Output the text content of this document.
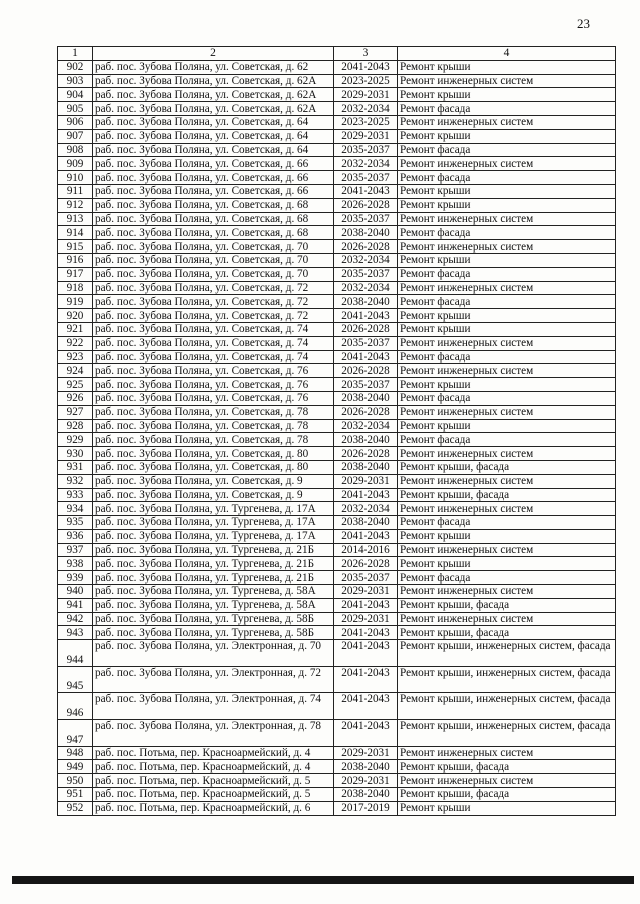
23
1	2	3	4
902	раб. пос. Зубова Поляна, ул. Советская, д. 62	2041-2043	Ремонт крыши
903	раб. пос. Зубова Поляна, ул. Советская, д. 62А	2023-2025	Ремонт инженерных систем
904	раб. пос. Зубова Поляна, ул. Советская, д. 62А	2029-2031	Ремонт крыши
905	раб. пос. Зубова Поляна, ул. Советская, д. 62А	2032-2034	Ремонт фасада
906	раб. пос. Зубова Поляна, ул. Советская, д. 64	2023-2025	Ремонт инженерных систем
907	раб. пос. Зубова Поляна, ул. Советская, д. 64	2029-2031	Ремонт крыши
908	раб. пос. Зубова Поляна, ул. Советская, д. 64	2035-2037	Ремонт фасада
909	раб. пос. Зубова Поляна, ул. Советская, д. 66	2032-2034	Ремонт инженерных систем
910	раб. пос. Зубова Поляна, ул. Советская, д. 66	2035-2037	Ремонт фасада
911	раб. пос. Зубова Поляна, ул. Советская, д. 66	2041-2043	Ремонт крыши
912	раб. пос. Зубова Поляна, ул. Советская, д. 68	2026-2028	Ремонт крыши
913	раб. пос. Зубова Поляна, ул. Советская, д. 68	2035-2037	Ремонт инженерных систем
914	раб. пос. Зубова Поляна, ул. Советская, д. 68	2038-2040	Ремонт фасада
915	раб. пос. Зубова Поляна, ул. Советская, д. 70	2026-2028	Ремонт инженерных систем
916	раб. пос. Зубова Поляна, ул. Советская, д. 70	2032-2034	Ремонт крыши
917	раб. пос. Зубова Поляна, ул. Советская, д. 70	2035-2037	Ремонт фасада
918	раб. пос. Зубова Поляна, ул. Советская, д. 72	2032-2034	Ремонт инженерных систем
919	раб. пос. Зубова Поляна, ул. Советская, д. 72	2038-2040	Ремонт фасада
920	раб. пос. Зубова Поляна, ул. Советская, д. 72	2041-2043	Ремонт крыши
921	раб. пос. Зубова Поляна, ул. Советская, д. 74	2026-2028	Ремонт крыши
922	раб. пос. Зубова Поляна, ул. Советская, д. 74	2035-2037	Ремонт инженерных систем
923	раб. пос. Зубова Поляна, ул. Советская, д. 74	2041-2043	Ремонт фасада
924	раб. пос. Зубова Поляна, ул. Советская, д. 76	2026-2028	Ремонт инженерных систем
925	раб. пос. Зубова Поляна, ул. Советская, д. 76	2035-2037	Ремонт крыши
926	раб. пос. Зубова Поляна, ул. Советская, д. 76	2038-2040	Ремонт фасада
927	раб. пос. Зубова Поляна, ул. Советская, д. 78	2026-2028	Ремонт инженерных систем
928	раб. пос. Зубова Поляна, ул. Советская, д. 78	2032-2034	Ремонт крыши
929	раб. пос. Зубова Поляна, ул. Советская, д. 78	2038-2040	Ремонт фасада
930	раб. пос. Зубова Поляна, ул. Советская, д. 80	2026-2028	Ремонт инженерных систем
931	раб. пос. Зубова Поляна, ул. Советская, д. 80	2038-2040	Ремонт крыши, фасада
932	раб. пос. Зубова Поляна, ул. Советская, д. 9	2029-2031	Ремонт инженерных систем
933	раб. пос. Зубова Поляна, ул. Советская, д. 9	2041-2043	Ремонт крыши, фасада
934	раб. пос. Зубова Поляна, ул. Тургенева, д. 17А	2032-2034	Ремонт инженерных систем
935	раб. пос. Зубова Поляна, ул. Тургенева, д. 17А	2038-2040	Ремонт фасада
936	раб. пос. Зубова Поляна, ул. Тургенева, д. 17А	2041-2043	Ремонт крыши
937	раб. пос. Зубова Поляна, ул. Тургенева, д. 21Б	2014-2016	Ремонт инженерных систем
938	раб. пос. Зубова Поляна, ул. Тургенева, д. 21Б	2026-2028	Ремонт крыши
939	раб. пос. Зубова Поляна, ул. Тургенева, д. 21Б	2035-2037	Ремонт фасада
940	раб. пос. Зубова Поляна, ул. Тургенева, д. 58А	2029-2031	Ремонт инженерных систем
941	раб. пос. Зубова Поляна, ул. Тургенева, д. 58А	2041-2043	Ремонт крыши, фасада
942	раб. пос. Зубова Поляна, ул. Тургенева, д. 58Б	2029-2031	Ремонт инженерных систем
943	раб. пос. Зубова Поляна, ул. Тургенева, д. 58Б	2041-2043	Ремонт крыши, фасада
944	раб. пос. Зубова Поляна, ул. Электронная, д. 70	2041-2043	Ремонт крыши, инженерных систем, фасада
945	раб. пос. Зубова Поляна, ул. Электронная, д. 72	2041-2043	Ремонт крыши, инженерных систем, фасада
946	раб. пос. Зубова Поляна, ул. Электронная, д. 74	2041-2043	Ремонт крыши, инженерных систем, фасада
947	раб. пос. Зубова Поляна, ул. Электронная, д. 78	2041-2043	Ремонт крыши, инженерных систем, фасада
948	раб. пос. Потьма, пер. Красноармейский, д. 4	2029-2031	Ремонт инженерных систем
949	раб. пос. Потьма, пер. Красноармейский, д. 4	2038-2040	Ремонт крыши, фасада
950	раб. пос. Потьма, пер. Красноармейский, д. 5	2029-2031	Ремонт инженерных систем
951	раб. пос. Потьма, пер. Красноармейский, д. 5	2038-2040	Ремонт крыши, фасада
952	раб. пос. Потьма, пер. Красноармейский, д. 6	2017-2019	Ремонт крыши
